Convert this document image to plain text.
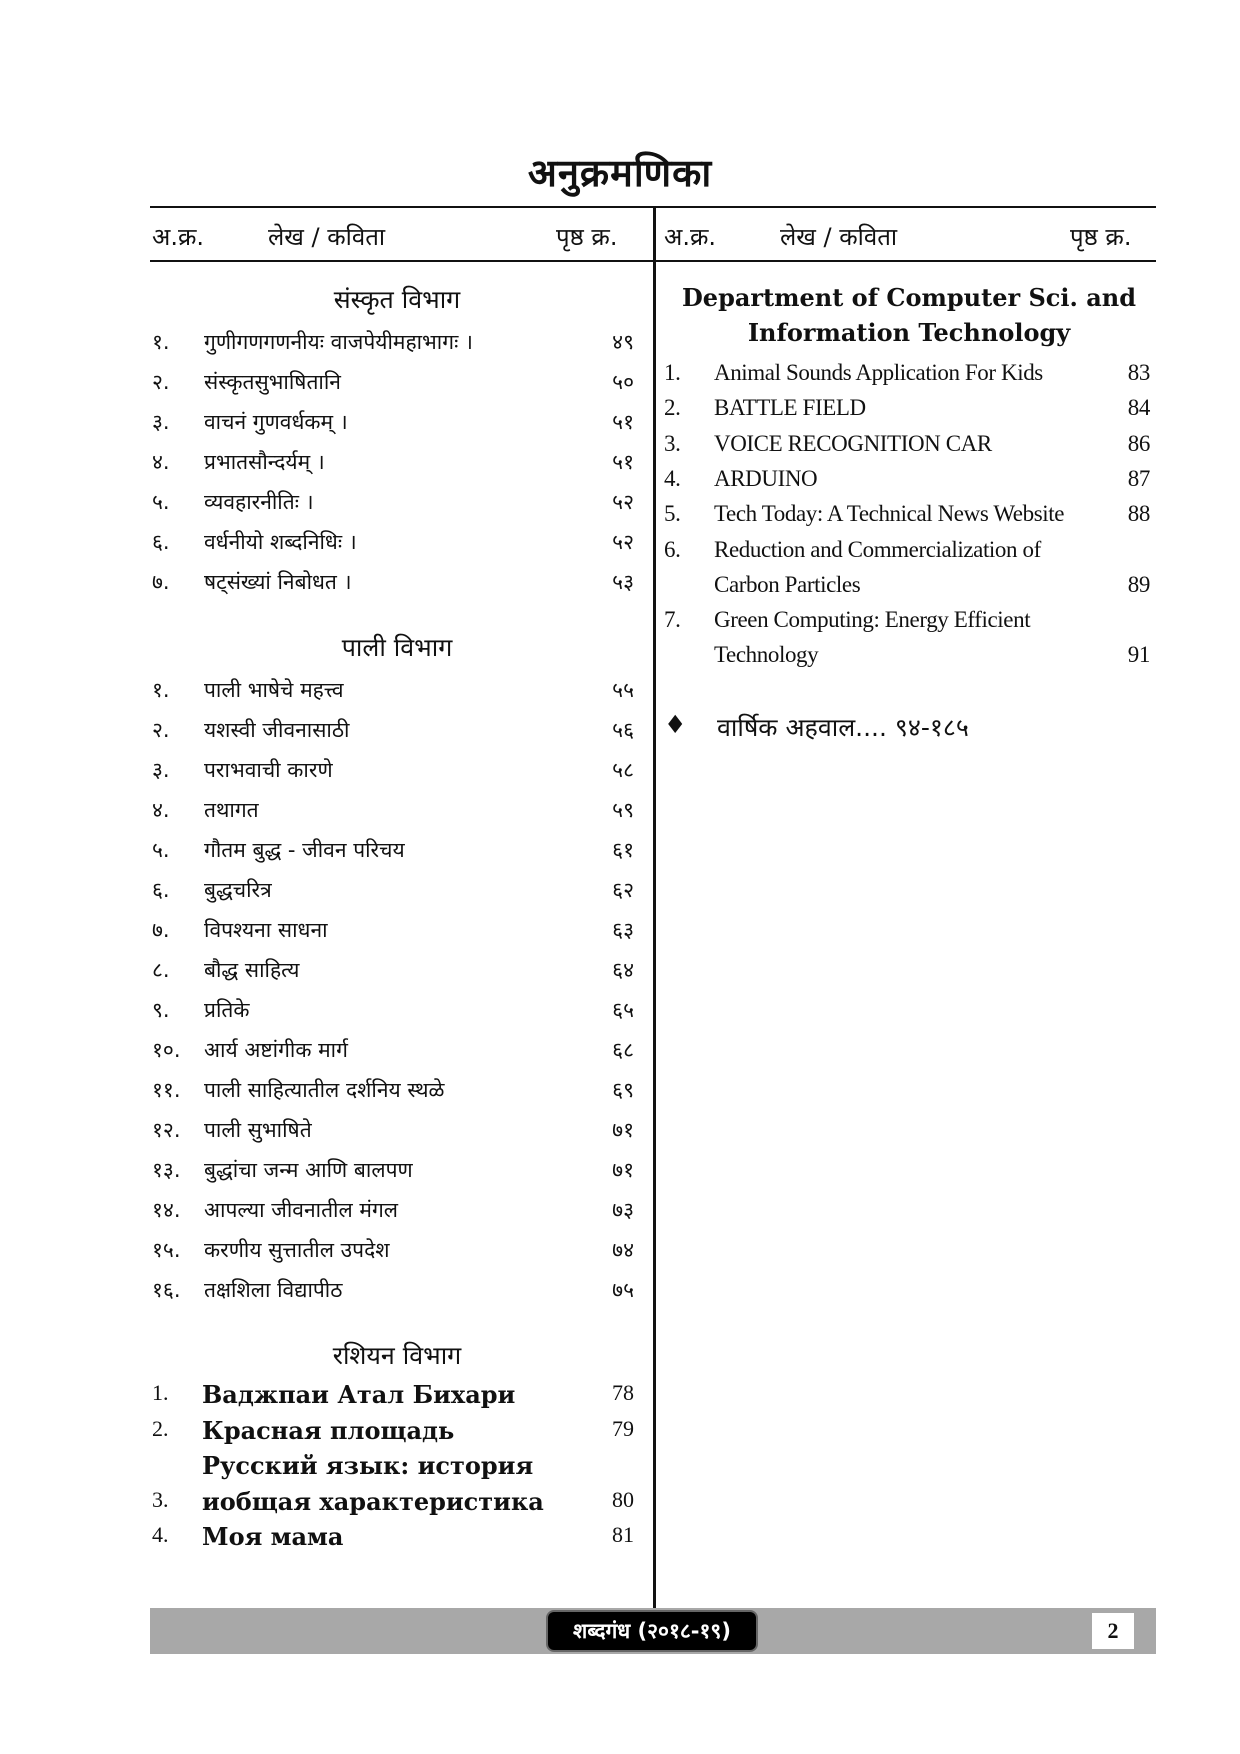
अनुक्रमणिका
अ.क्र.	लेख / कविता	पृष्ठ क्र. अ.क्र.	लेख / कविता	पृष्ठ क्र.
संस्कृत विभाग
१. गुणीगणगणनीयः वाजपेयीमहाभागः ।	४९
२. संस्कृतसुभाषितानि	५०
३. वाचनं गुणवर्धकम् ।	५१
४. प्रभातसौन्दर्यम् ।	५१
५. व्यवहारनीतिः ।	५२
६. वर्धनीयो शब्दनिधिः ।	५२
७. षट्संख्यां निबोधत ।	५३
पाली विभाग
१. पाली भाषेचे महत्त्व	५५
२. यशस्वी जीवनासाठी	५६
३. पराभवाची कारणे	५८
४. तथागत	५९
५. गौतम बुद्ध - जीवन परिचय	६१
६. बुद्धचरित्र	६२
७. विपश्यना साधना	६३
८. बौद्ध साहित्य	६४
९. प्रतिके	६५
१०. आर्य अष्टांगीक मार्ग	६८
११. पाली साहित्यातील दर्शनिय स्थळे	६९
१२. पाली सुभाषिते	७१
१३. बुद्धांचा जन्म आणि बालपण	७१
१४. आपल्या जीवनातील मंगल	७३
१५. करणीय सुत्तातील उपदेश	७४
१६. तक्षशिला विद्यापीठ	७५
रशियन विभाग
1. Ваджпаи Атал Бихари	78
2. Красная площадь	79
Русский язык: история
3. иобщая характеристика	80
4. Моя мама	81
Department of Computer Sci. and
Information Technology
1. Animal Sounds Application For Kids	83
2. BATTLE FIELD	84
3. VOICE RECOGNITION CAR	86
4. ARDUINO	87
5. Tech Today: A Technical News Website	88
6. Reduction and Commercialization of
Carbon Particles	89
7. Green Computing: Energy Efficient
Technology	91
♦ वार्षिक अहवाल.... ९४-१८५
शब्दगंध (२०१८-१९)	2
